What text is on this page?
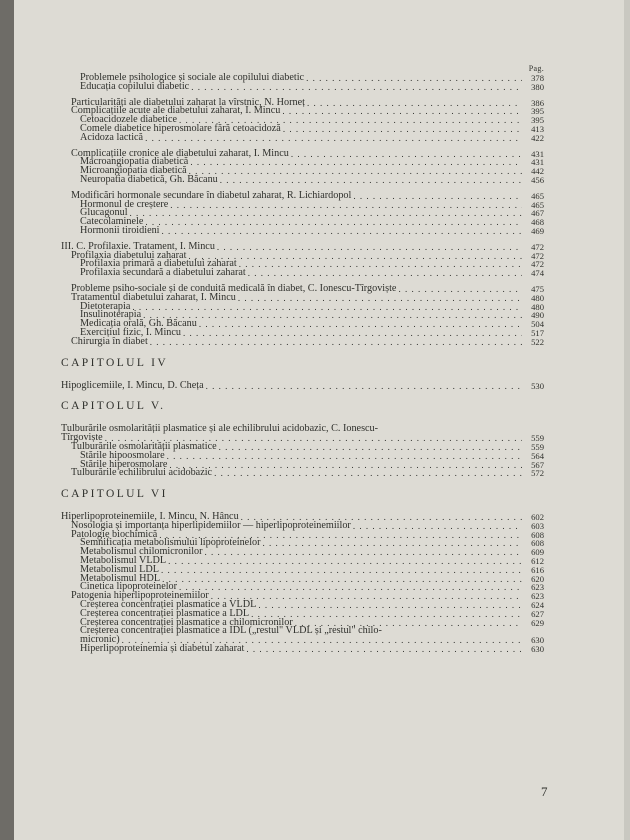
Pag.
Problemele psihologice și sociale ale copilului diabetic . . .	378
Educația copilului diabetic . . .	380
Particularități ale diabetului zaharat la vîrstnic, N. Horneț . . .	386
Complicațiile acute ale diabetului zaharat, I. Mincu . . .	395
Cetoacidozele diabetice . . .	395
Comele diabetice hiperosmolare fără cetoacidoză . . .	413
Acidoza lactică . . .	422
Complicațiile cronice ale diabetului zaharat, I. Mincu . . .	431
Macroangiopatia diabetică . . .	431
Microangiopatia diabetică . . .	442
Neuropatia diabetică, Gh. Băcanu . . .	456
Modificări hormonale secundare în diabetul zaharat, R. Lichiardopol . . .	465
Hormonul de creștere . . .	465
Glucagonul . . .	467
Catecolaminele . . .	468
Hormonii tiroidieni . . .	469
III. C. Profilaxie. Tratament, I. Mincu . . .	472
Profilaxia diabetului zaharat . . .	472
Profilaxia primară a diabetului zaharat . . .	472
Profilaxia secundară a diabetului zaharat . . .	474
Probleme psiho-sociale și de conduită medicală în diabet, C. Ionescu-Tîrgoviște . . .	475
Tratamentul diabetului zaharat, I. Mincu . . .	480
Dietoterapia . . .	480
Insulinoterapia . . .	490
Medicația orală, Gh. Băcanu . . .	504
Exercițiul fizic, I. Mincu . . .	517
Chirurgia în diabet . . .	522
CAPITOLUL IV
Hipoglicemiile, I. Mincu, D. Cheța . . .	530
CAPITOLUL V.
Tulburările osmolarității plasmatice și ale echilibrului acidobazic, C. Ionescu-
Tîrgoviște . . .	559
Tulburările osmolarității plasmatice . . .	559
Stările hipoosmolare . . .	564
Stările hiperosmolare . . .	567
Tulburările echilibrului acidobazic . . .	572
CAPITOLUL VI
Hiperlipoproteinemiile, I. Mincu, N. Hâncu . . .	602
Nosologia și importanța hiperlipidemiilor — hiperlipoproteinemiilor . . .	603
Patologie biochimică . . .	608
Semnificația metabolismului lipoproteinelor . . .	608
Metabolismul chilomicronilor . . .	609
Metabolismul VLDL . . .	612
Metabolismul LDL . . .	616
Metabolismul HDL . . .	620
Cinetica lipoproteinelor . . .	623
Patogenia hiperlipoproteinemiilor . . .	623
Creșterea concentrației plasmatice a VLDL . . .	624
Creșterea concentrației plasmatice a LDL . . .	627
Creșterea concentrației plasmatice a chilomicronilor . . .	629
Creșterea concentrației plasmatice a IDL („restul" VLDL și „restul" chilo-
micronic) . . .	630
Hiperlipoproteinemia și diabetul zaharat . . .	630
7
